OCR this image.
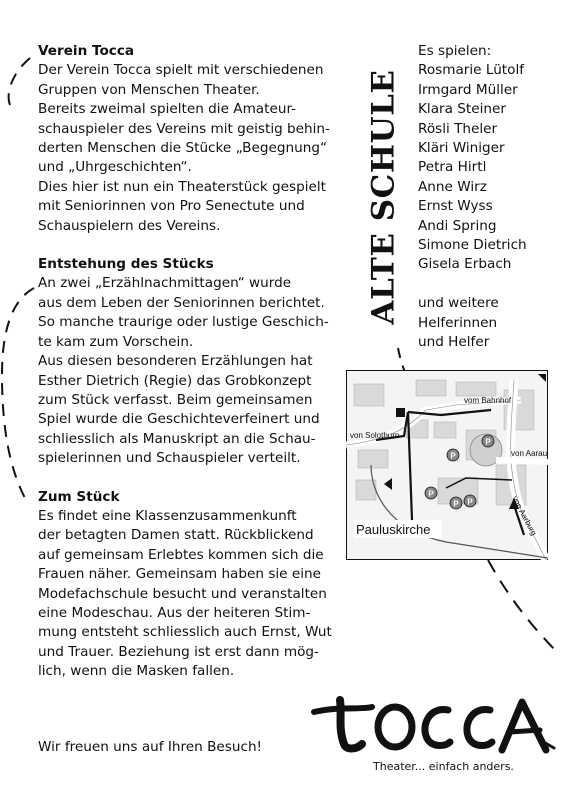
Verein Tocca
Der Verein Tocca spielt mit verschiedenen
Gruppen von Menschen Theater.
Bereits zweimal spielten die Amateur-
schauspieler des Vereins mit geistig behin-
derten Menschen die Stücke „Begegnung“
und „Uhrgeschichten“.
Dies hier ist nun ein Theaterstück gespielt
mit Seniorinnen von Pro Senectute und
Schauspielern des Vereins.
Entstehung des Stücks
An zwei „Erzählnachmittagen“ wurde
aus dem Leben der Seniorinnen berichtet.
So manche traurige oder lustige Geschich-
te kam zum Vorschein.
Aus diesen besonderen Erzählungen hat
Esther Dietrich (Regie) das Grobkonzept
zum Stück verfasst. Beim gemeinsamen
Spiel wurde die Geschichteverfeinert und
schliesslich als Manuskript an die Schau-
spielerinnen und Schauspieler verteilt.
Zum Stück
Es findet eine Klassenzusammenkunft
der betagten Damen statt. Rückblickend
auf gemeinsam Erlebtes kommen sich die
Frauen näher. Gemeinsam haben sie eine
Modefachschule besucht und veranstalten
eine Modeschau. Aus der heiteren Stim-
mung entsteht schliesslich auch Ernst, Wut
und Trauer. Beziehung ist erst dann mög-
lich, wenn die Masken fallen.
Wir freuen uns auf Ihren Besuch!
ALTE SCHULE
Es spielen:
Rosmarie Lütolf
Irmgard Müller
Klara Steiner
Rösli Theler
Kläri Winiger
Petra Hirtl
Anne Wirz
Ernst Wyss
Andi Spring
Simone Dietrich
Gisela Erbach
und weitere
Helferinnen
und Helfer
P
P
P
P P
vom Bahnhof
von Solothurn
von Aarau
von Aarburg
Pauluskirche
TOCCA
Theater... einfach anders.
